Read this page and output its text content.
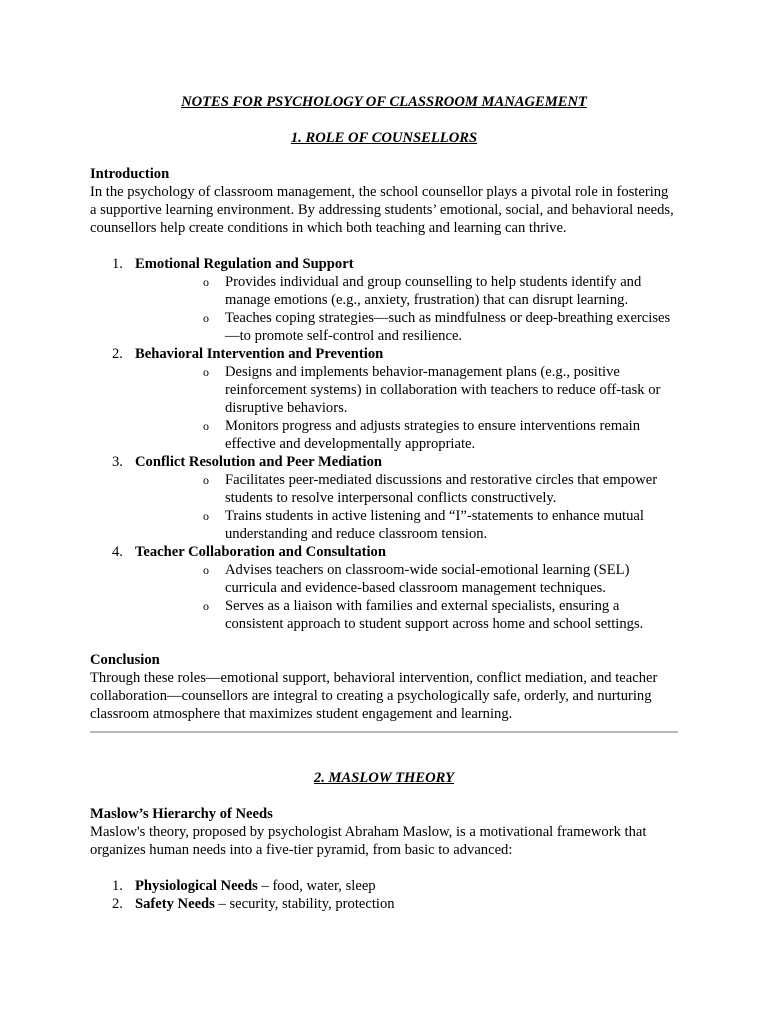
NOTES FOR PSYCHOLOGY OF CLASSROOM MANAGEMENT

1. ROLE OF COUNSELLORS

Introduction

In the psychology of classroom management, the school counsellor plays a pivotal role in fostering a supportive learning environment. By addressing students’ emotional, social, and behavioral needs, counsellors help create conditions in which both teaching and learning can thrive.

1. Emotional Regulation and Support
o Provides individual and group counselling to help students identify and manage emotions (e.g., anxiety, frustration) that can disrupt learning.
o Teaches coping strategies—such as mindfulness or deep-breathing exercises—to promote self-control and resilience.
2. Behavioral Intervention and Prevention
o Designs and implements behavior-management plans (e.g., positive reinforcement systems) in collaboration with teachers to reduce off-task or disruptive behaviors.
o Monitors progress and adjusts strategies to ensure interventions remain effective and developmentally appropriate.
3. Conflict Resolution and Peer Mediation
o Facilitates peer-mediated discussions and restorative circles that empower students to resolve interpersonal conflicts constructively.
o Trains students in active listening and “I”-statements to enhance mutual understanding and reduce classroom tension.
4. Teacher Collaboration and Consultation
o Advises teachers on classroom-wide social-emotional learning (SEL) curricula and evidence-based classroom management techniques.
o Serves as a liaison with families and external specialists, ensuring a consistent approach to student support across home and school settings.

Conclusion

Through these roles—emotional support, behavioral intervention, conflict mediation, and teacher collaboration—counsellors are integral to creating a psychologically safe, orderly, and nurturing classroom atmosphere that maximizes student engagement and learning.

2. MASLOW THEORY

Maslow’s Hierarchy of Needs

Maslow's theory, proposed by psychologist Abraham Maslow, is a motivational framework that organizes human needs into a five-tier pyramid, from basic to advanced:

1. Physiological Needs – food, water, sleep
2. Safety Needs – security, stability, protection
